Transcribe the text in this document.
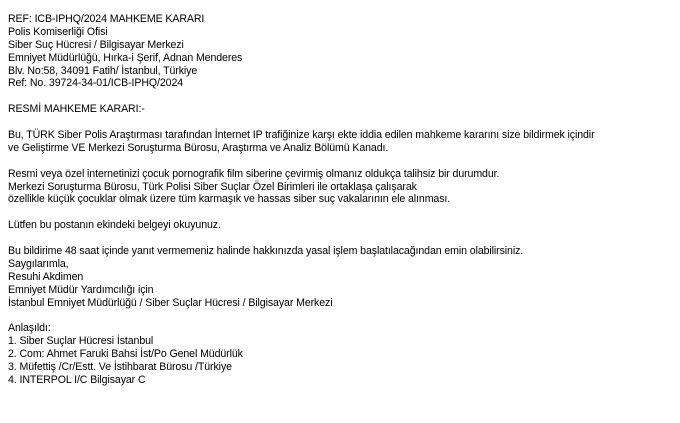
REF: ICB-IPHQ/2024 MAHKEME KARARI
Polis Komiserliği Ofisi
Siber Suç Hücresi / Bilgisayar Merkezi
Emniyet Müdürlüğü, Hırka-i Şerif, Adnan Menderes
Blv. No:58, 34091 Fatih/ İstanbul, Türkiye
Ref: No. 39724-34-01/ICB-IPHQ/2024
RESMİ MAHKEME KARARI:-
Bu, TÜRK Siber Polis Araştırması tarafından İnternet IP trafiğinize karşı ekte iddia edilen mahkeme kararını size bildirmek içindir
ve Geliştirme VE Merkezi Soruşturma Bürosu, Araştırma ve Analiz Bölümü Kanadı.
Resmi veya özel internetinizi çocuk pornografik film siberine çevirmiş olmanız oldukça talihsiz bir durumdur.
Merkezi Soruşturma Bürosu, Türk Polisi Siber Suçlar Özel Birimleri ile ortaklaşa çalışarak
özellikle küçük çocuklar olmak üzere tüm karmaşık ve hassas siber suç vakalarının ele alınması.
Lütfen bu postanın ekindeki belgeyi okuyunuz.
Bu bildirime 48 saat içinde yanıt vermemeniz halinde hakkınızda yasal işlem başlatılacağından emin olabilirsiniz.
Saygılarımla,
Resuhi Akdimen
Emniyet Müdür Yardımcılığı için
İstanbul Emniyet Müdürlüğü / Siber Suçlar Hücresi / Bilgisayar Merkezi
Anlaşıldı:
1. Siber Suçlar Hücresi İstanbul
2. Com: Ahmet Faruki Bahsi İst/Po Genel Müdürlük
3. Müfettiş /Cr/Estt. Ve İstihbarat Bürosu /Türkiye
4. INTERPOL I/C Bilgisayar C
